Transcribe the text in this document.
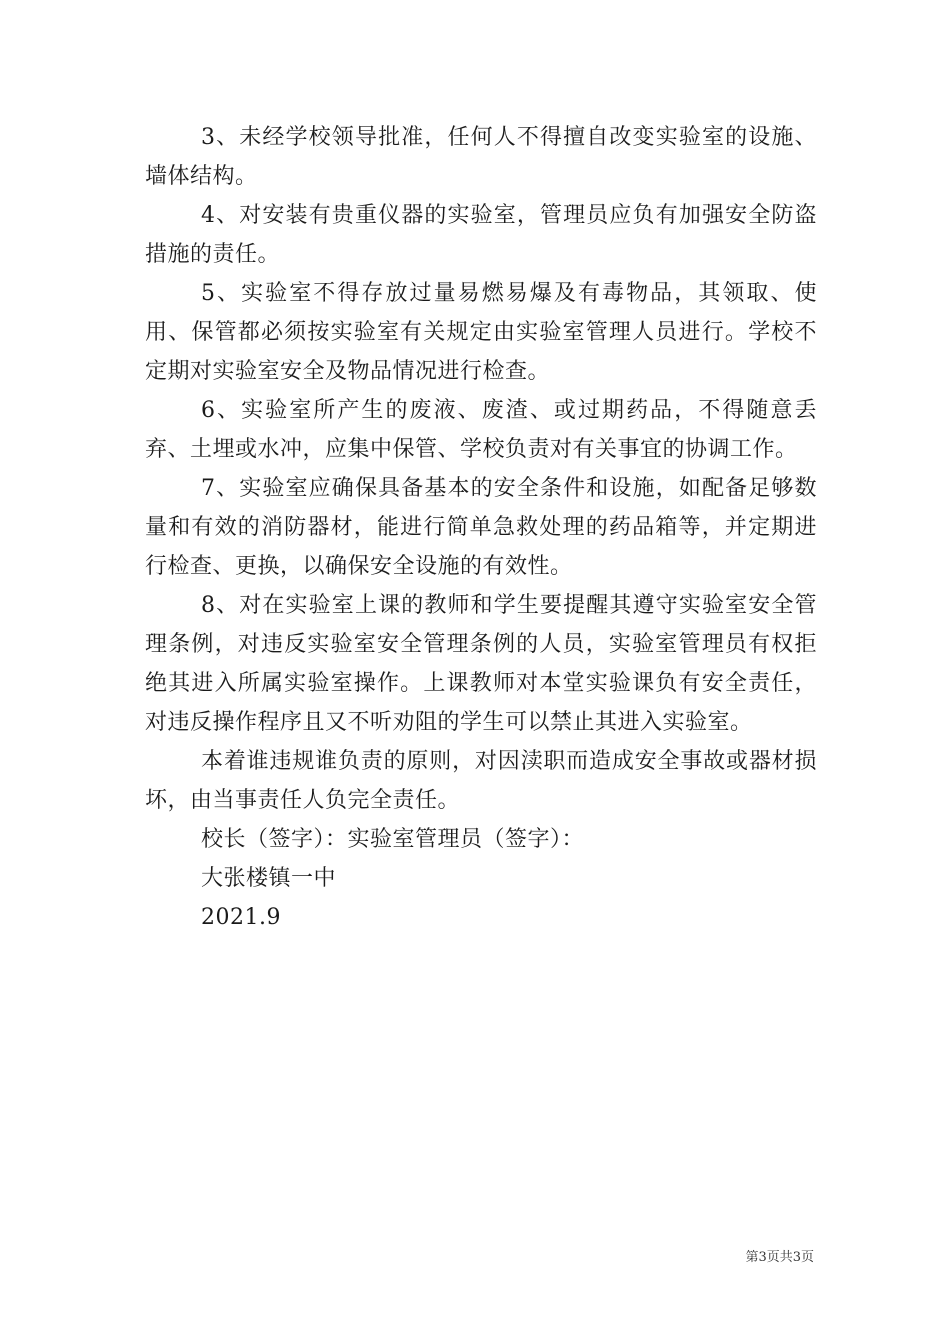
3、未经学校领导批准，任何人不得擅自改变实验室的设施、墙体结构。

4、对安装有贵重仪器的实验室，管理员应负有加强安全防盗措施的责任。

5、实验室不得存放过量易燃易爆及有毒物品，其领取、使用、保管都必须按实验室有关规定由实验室管理人员进行。学校不定期对实验室安全及物品情况进行检查。

6、实验室所产生的废液、废渣、或过期药品，不得随意丢弃、土埋或水冲，应集中保管、学校负责对有关事宜的协调工作。

7、实验室应确保具备基本的安全条件和设施，如配备足够数量和有效的消防器材，能进行简单急救处理的药品箱等，并定期进行检查、更换，以确保安全设施的有效性。

8、对在实验室上课的教师和学生要提醒其遵守实验室安全管理条例，对违反实验室安全管理条例的人员，实验室管理员有权拒绝其进入所属实验室操作。上课教师对本堂实验课负有安全责任，对违反操作程序且又不听劝阻的学生可以禁止其进入实验室。

本着谁违规谁负责的原则，对因渎职而造成安全事故或器材损坏，由当事责任人负完全责任。

校长（签字）：实验室管理员（签字）：

大张楼镇一中

2021.9

第3页共3页
